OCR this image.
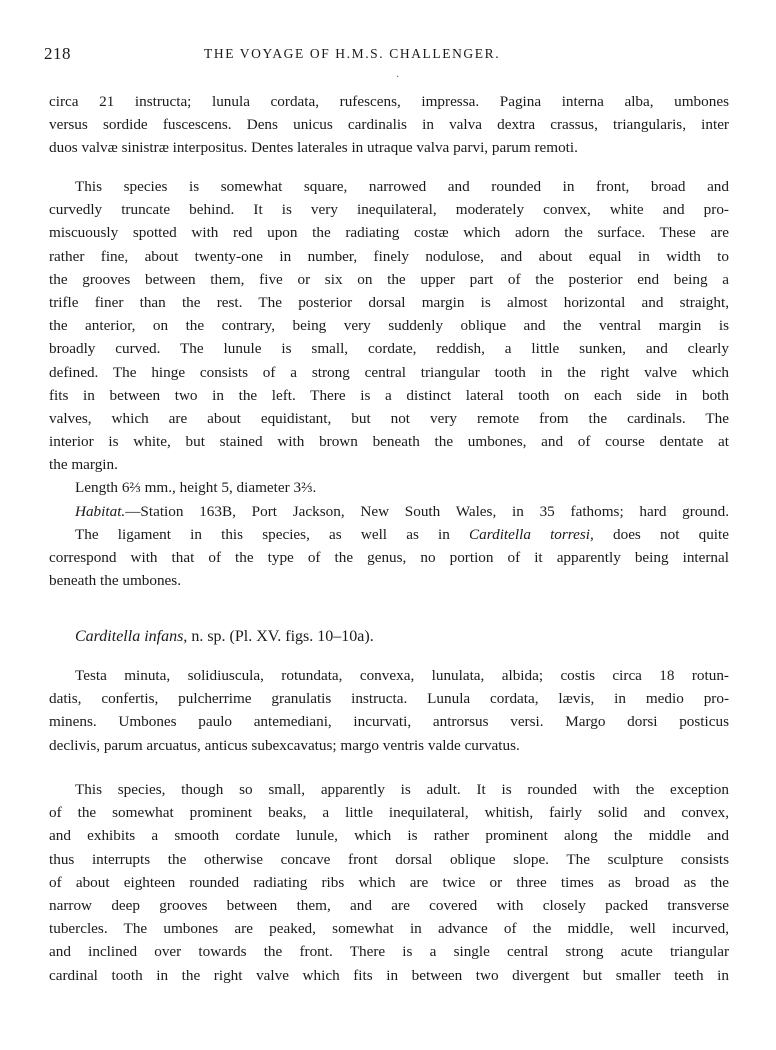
218	THE VOYAGE OF H.M.S. CHALLENGER.
·
circa 21 instructa; lunula cordata, rufescens, impressa. Pagina interna alba, umbones
versus sordide fuscescens. Dens unicus cardinalis in valva dextra crassus, triangularis, inter
duos valvæ sinistræ interpositus. Dentes laterales in utraque valva parvi, parum remoti.
This species is somewhat square, narrowed and rounded in front, broad and
curvedly truncate behind. It is very inequilateral, moderately convex, white and pro-
miscuously spotted with red upon the radiating costæ which adorn the surface. These are
rather fine, about twenty-one in number, finely nodulose, and about equal in width to
the grooves between them, five or six on the upper part of the posterior end being a
trifle finer than the rest. The posterior dorsal margin is almost horizontal and straight,
the anterior, on the contrary, being very suddenly oblique and the ventral margin is
broadly curved. The lunule is small, cordate, reddish, a little sunken, and clearly
defined. The hinge consists of a strong central triangular tooth in the right valve which
fits in between two in the left. There is a distinct lateral tooth on each side in both
valves, which are about equidistant, but not very remote from the cardinals. The
interior is white, but stained with brown beneath the umbones, and of course dentate at
the margin.
Length 6⅔ mm., height 5, diameter 3⅔.
Habitat.—Station 163B, Port Jackson, New South Wales, in 35 fathoms; hard ground.
The ligament in this species, as well as in Carditella torresi, does not quite
correspond with that of the type of the genus, no portion of it apparently being internal
beneath the umbones.
Carditella infans, n. sp. (Pl. XV. figs. 10–10a).
Testa minuta, solidiuscula, rotundata, convexa, lunulata, albida; costis circa 18 rotun-
datis, confertis, pulcherrime granulatis instructa. Lunula cordata, lævis, in medio pro-
minens. Umbones paulo antemediani, incurvati, antrorsus versi. Margo dorsi posticus
declivis, parum arcuatus, anticus subexcavatus; margo ventris valde curvatus.
This species, though so small, apparently is adult. It is rounded with the exception
of the somewhat prominent beaks, a little inequilateral, whitish, fairly solid and convex,
and exhibits a smooth cordate lunule, which is rather prominent along the middle and
thus interrupts the otherwise concave front dorsal oblique slope. The sculpture consists
of about eighteen rounded radiating ribs which are twice or three times as broad as the
narrow deep grooves between them, and are covered with closely packed transverse
tubercles. The umbones are peaked, somewhat in advance of the middle, well incurved,
and inclined over towards the front. There is a single central strong acute triangular
cardinal tooth in the right valve which fits in between two divergent but smaller teeth in
